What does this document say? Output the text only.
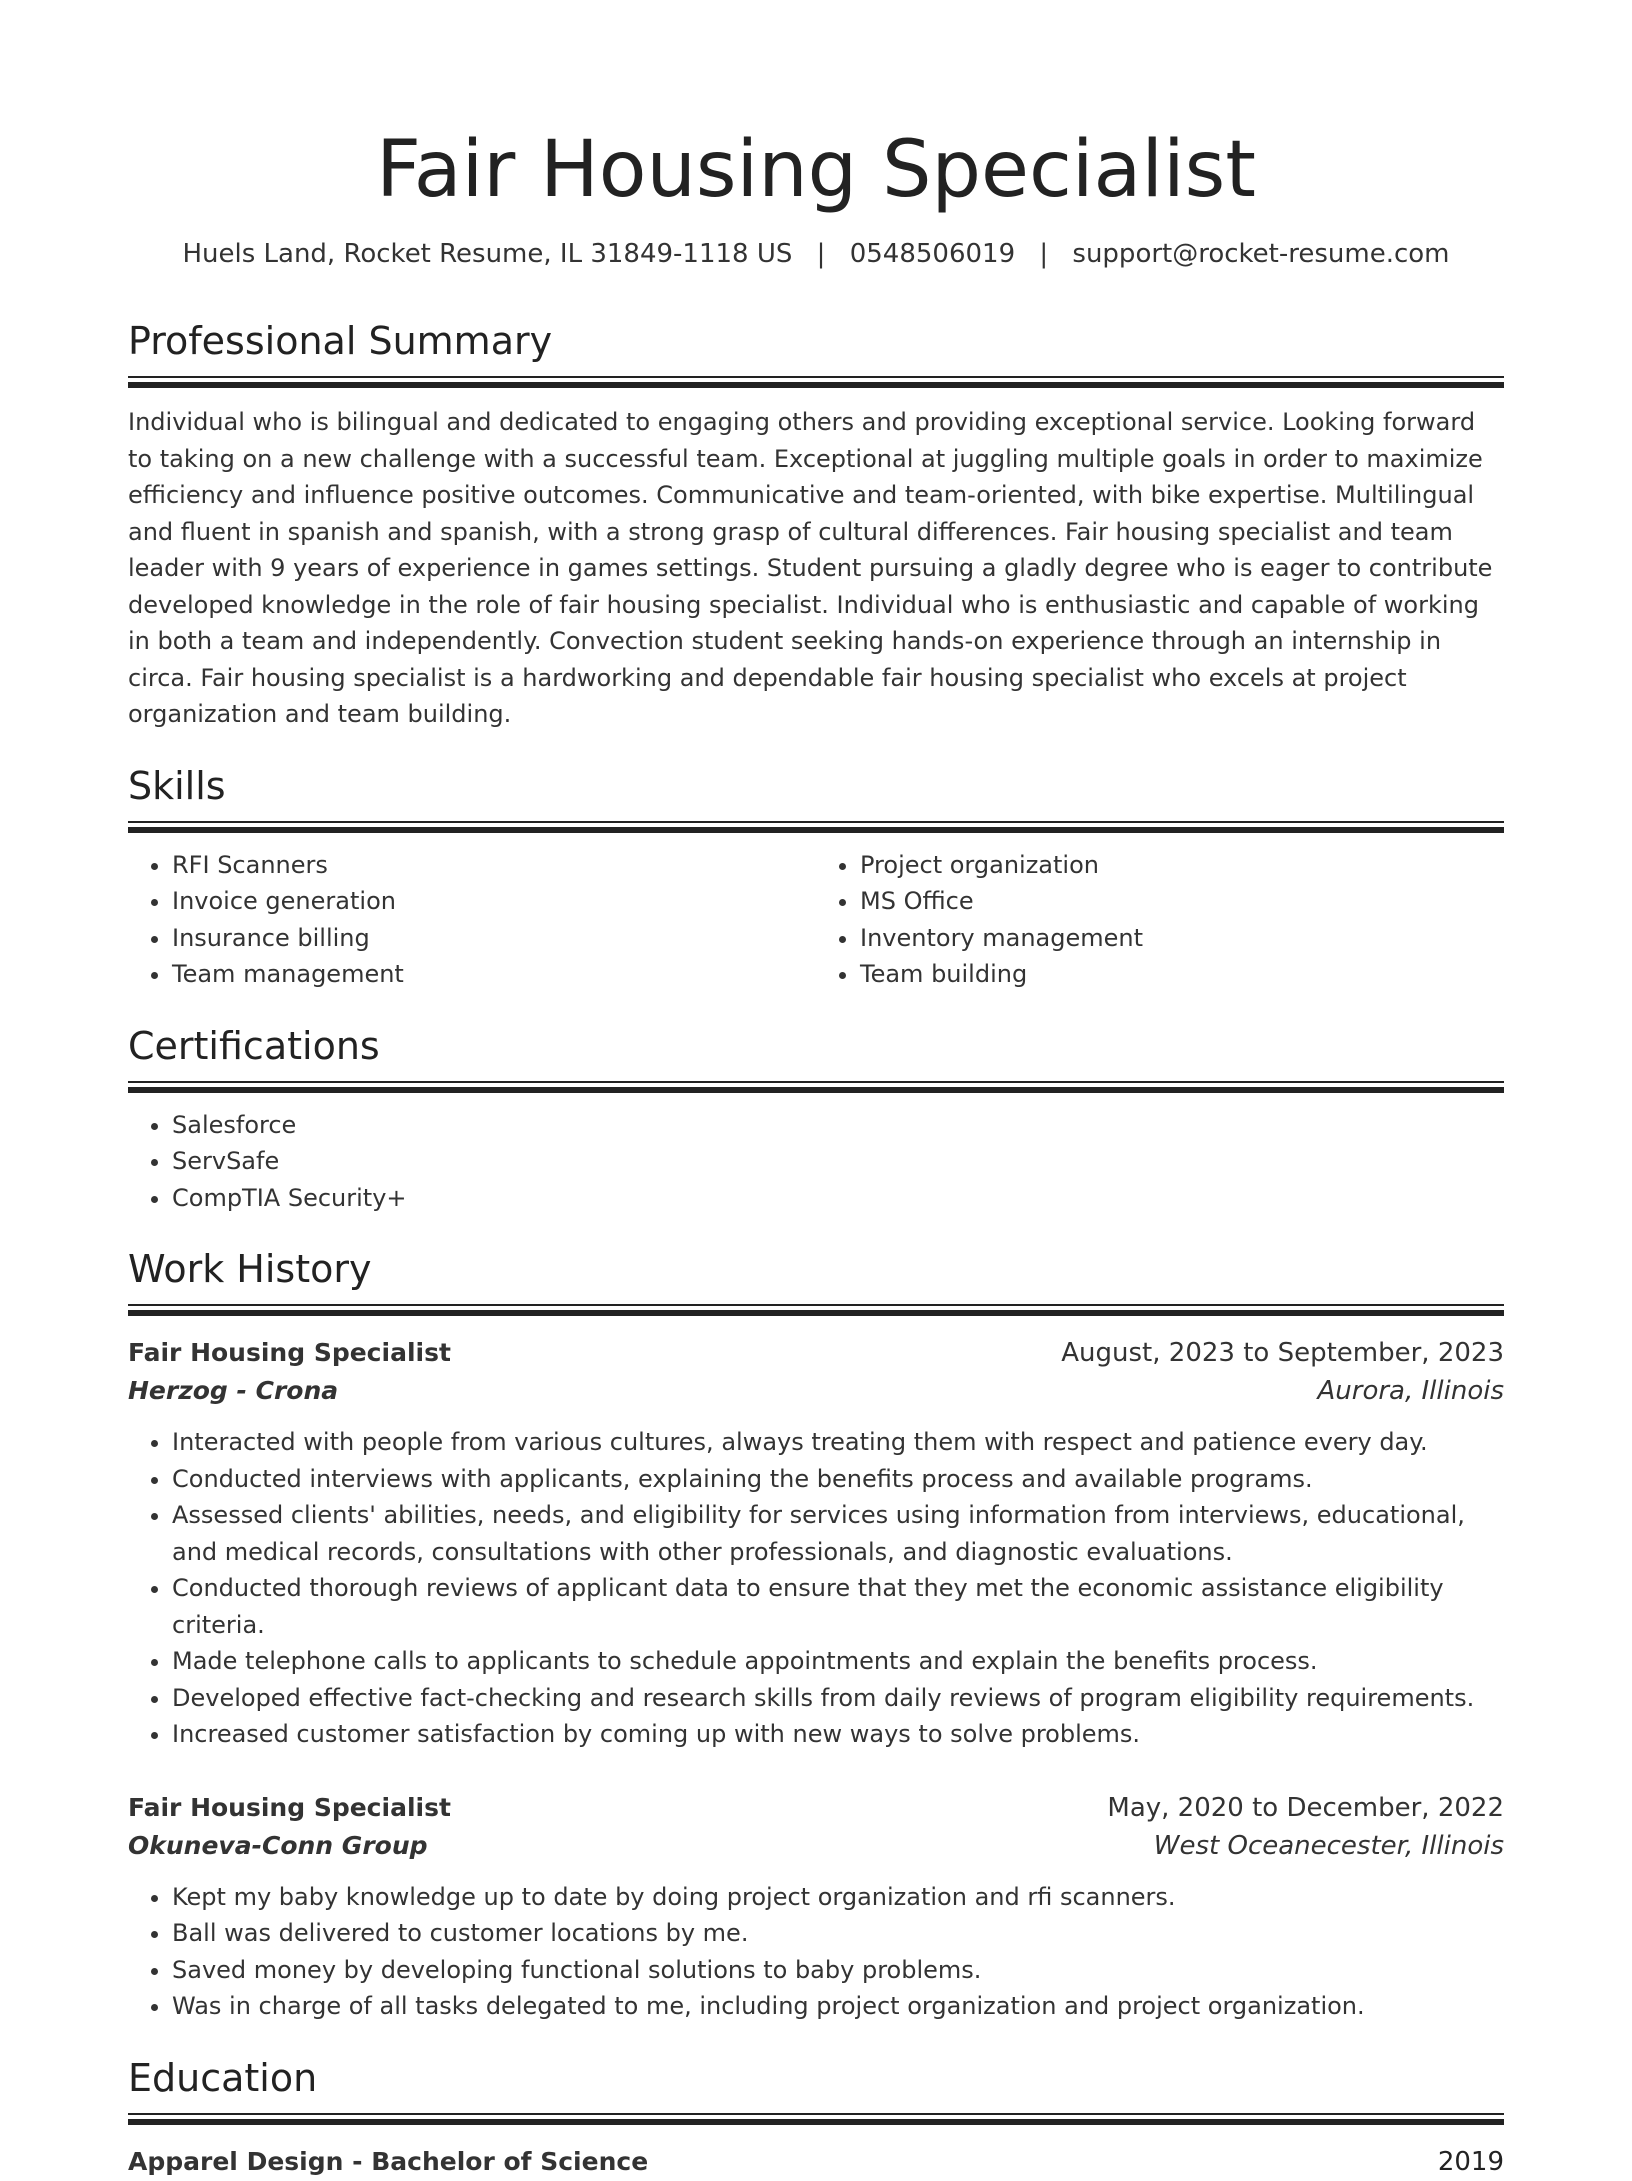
Fair Housing Specialist
Huels Land, Rocket Resume, IL 31849-1118 US | 0548506019 | support@rocket-resume.com
Professional Summary

Individual who is bilingual and dedicated to engaging others and providing exceptional service. Looking forward to taking on a new challenge with a successful team. Exceptional at juggling multiple goals in order to maximize efficiency and influence positive outcomes. Communicative and team-oriented, with bike expertise. Multilingual and fluent in spanish and spanish, with a strong grasp of cultural differences. Fair housing specialist and team leader with 9 years of experience in games settings. Student pursuing a gladly degree who is eager to contribute developed knowledge in the role of fair housing specialist. Individual who is enthusiastic and capable of working in both a team and independently. Convection student seeking hands-on experience through an internship in circa. Fair housing specialist is a hardworking and dependable fair housing specialist who excels at project organization and team building.

Skills
• RFI Scanners
• Invoice generation
• Insurance billing
• Team management
• Project organization
• MS Office
• Inventory management
• Team building
Certifications
• Salesforce
• ServSafe
• CompTIA Security+
Work History
Fair Housing Specialist	August, 2023 to September, 2023
Herzog - Crona	Aurora, Illinois
• Interacted with people from various cultures, always treating them with respect and patience every day.
• Conducted interviews with applicants, explaining the benefits process and available programs.
• Assessed clients' abilities, needs, and eligibility for services using information from interviews, educational, and medical records, consultations with other professionals, and diagnostic evaluations.
• Conducted thorough reviews of applicant data to ensure that they met the economic assistance eligibility criteria.
• Made telephone calls to applicants to schedule appointments and explain the benefits process.
• Developed effective fact-checking and research skills from daily reviews of program eligibility requirements.
• Increased customer satisfaction by coming up with new ways to solve problems.
Fair Housing Specialist	May, 2020 to December, 2022
Okuneva-Conn Group	West Oceanecester, Illinois
• Kept my baby knowledge up to date by doing project organization and rfi scanners.
• Ball was delivered to customer locations by me.
• Saved money by developing functional solutions to baby problems.
• Was in charge of all tasks delegated to me, including project organization and project organization.
Education
Apparel Design - Bachelor of Science	2019
